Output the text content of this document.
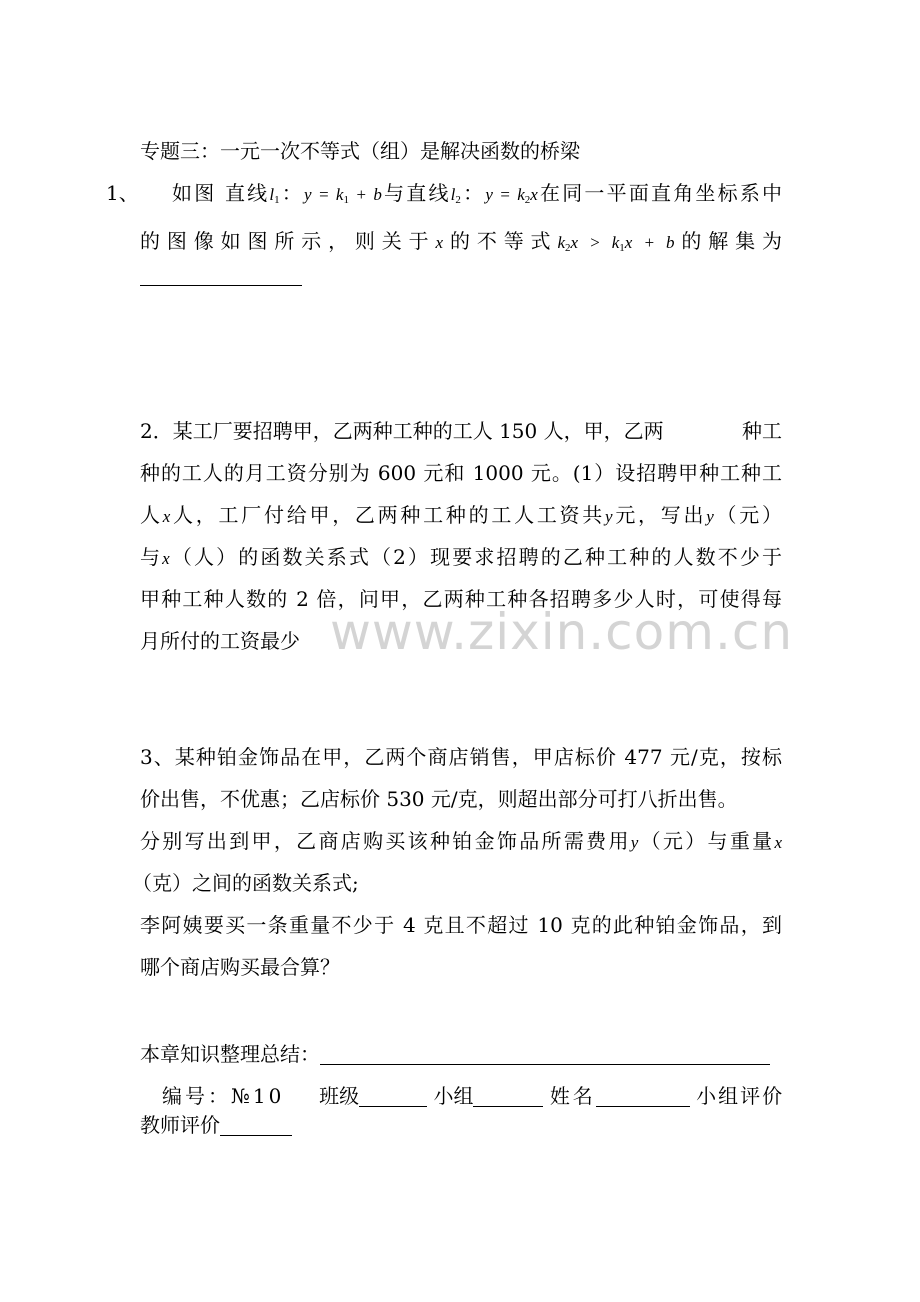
专题三：一元一次不等式（组）是解决函数的桥梁
1、 如图 直线$l_1$：$y = k_1 + b$与直线$l_2$：$y = k_2x$在同一平面直角坐标系中
的图像如图所示，则关于x的不等式$k_2x > k_1x + b$的解集为
2．某工厂要招聘甲，乙两种工种的工人 150 人，甲，乙两	种工
种的工人的月工资分别为 600 元和 1000 元。(1）设招聘甲种工种工
人x人，工厂付给甲，乙两种工种的工人工资共y元，写出y（元）
与x（人）的函数关系式（2）现要求招聘的乙种工种的人数不少于
甲种工种人数的 2 倍，问甲，乙两种工种各招聘多少人时，可使得每
月所付的工资最少
3、某种铂金饰品在甲，乙两个商店销售，甲店标价 477 元/克，按标
价出售，不优惠；乙店标价 530 元/克，则超出部分可打八折出售。
分别写出到甲，乙商店购买该种铂金饰品所需费用y（元）与重量x
（克）之间的函数关系式;
李阿姨要买一条重量不少于 4 克且不超过 10 克的此种铂金饰品，到
哪个商店购买最合算？
本章知识整理总结：
编号：№10 班级	小组	姓名	小组评价
教师评价
www.zixin.com.cn
